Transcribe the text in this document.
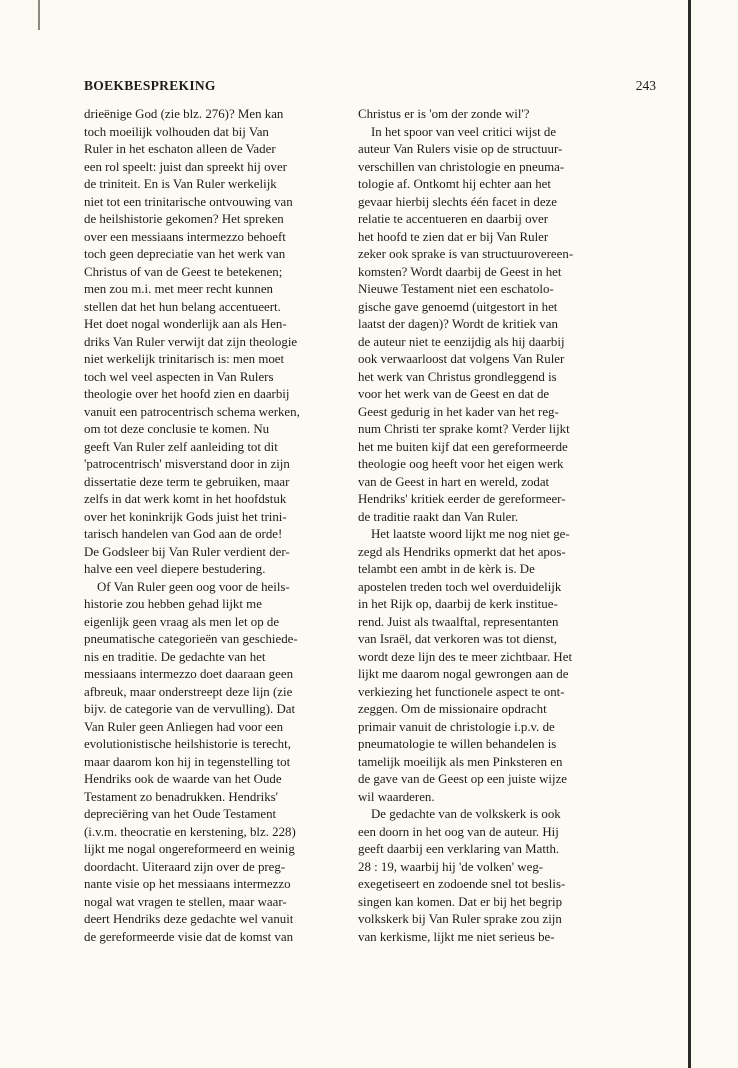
BOEKBESPREKING	243

drieënige God (zie blz. 276)? Men kan

toch moeilijk volhouden dat bij Van

Ruler in het eschaton alleen de Vader

een rol speelt: juist dan spreekt hij over

de triniteit. En is Van Ruler werkelijk

niet tot een trinitarische ontvouwing van

de heilshistorie gekomen? Het spreken

over een messiaans intermezzo behoeft

toch geen depreciatie van het werk van

Christus of van de Geest te betekenen;

men zou m.i. met meer recht kunnen

stellen dat het hun belang accentueert.

Het doet nogal wonderlijk aan als Hen-

driks Van Ruler verwijt dat zijn theologie

niet werkelijk trinitarisch is: men moet

toch wel veel aspecten in Van Rulers

theologie over het hoofd zien en daarbij

vanuit een patrocentrisch schema werken,

om tot deze conclusie te komen. Nu

geeft Van Ruler zelf aanleiding tot dit

'patrocentrisch' misverstand door in zijn

dissertatie deze term te gebruiken, maar

zelfs in dat werk komt in het hoofdstuk

over het koninkrijk Gods juist het trini-

tarisch handelen van God aan de orde!

De Godsleer bij Van Ruler verdient der-

halve een veel diepere bestudering.

Of Van Ruler geen oog voor de heils-

historie zou hebben gehad lijkt me

eigenlijk geen vraag als men let op de

pneumatische categorieën van geschiede-

nis en traditie. De gedachte van het

messiaans intermezzo doet daaraan geen

afbreuk, maar onderstreept deze lijn (zie

bijv. de categorie van de vervulling). Dat

Van Ruler geen Anliegen had voor een

evolutionistische heilshistorie is terecht,

maar daarom kon hij in tegenstelling tot

Hendriks ook de waarde van het Oude

Testament zo benadrukken. Hendriks'

depreciëring van het Oude Testament

(i.v.m. theocratie en kerstening, blz. 228)

lijkt me nogal ongereformeerd en weinig

doordacht. Uiteraard zijn over de preg-

nante visie op het messiaans intermezzo

nogal wat vragen te stellen, maar waar-

deert Hendriks deze gedachte wel vanuit

de gereformeerde visie dat de komst van

Christus er is 'om der zonde wil'?

In het spoor van veel critici wijst de

auteur Van Rulers visie op de structuur-

verschillen van christologie en pneuma-

tologie af. Ontkomt hij echter aan het

gevaar hierbij slechts één facet in deze

relatie te accentueren en daarbij over

het hoofd te zien dat er bij Van Ruler

zeker ook sprake is van structuurovereen-

komsten? Wordt daarbij de Geest in het

Nieuwe Testament niet een eschatolo-

gische gave genoemd (uitgestort in het

laatst der dagen)? Wordt de kritiek van

de auteur niet te eenzijdig als hij daarbij

ook verwaarloost dat volgens Van Ruler

het werk van Christus grondleggend is

voor het werk van de Geest en dat de

Geest gedurig in het kader van het reg-

num Christi ter sprake komt? Verder lijkt

het me buiten kijf dat een gereformeerde

theologie oog heeft voor het eigen werk

van de Geest in hart en wereld, zodat

Hendriks' kritiek eerder de gereformeer-

de traditie raakt dan Van Ruler.

Het laatste woord lijkt me nog niet ge-

zegd als Hendriks opmerkt dat het apos-

telambt een ambt in de kèrk is. De

apostelen treden toch wel overduidelijk

in het Rijk op, daarbij de kerk institue-

rend. Juist als twaalftal, representanten

van Israël, dat verkoren was tot dienst,

wordt deze lijn des te meer zichtbaar. Het

lijkt me daarom nogal gewrongen aan de

verkiezing het functionele aspect te ont-

zeggen. Om de missionaire opdracht

primair vanuit de christologie i.p.v. de

pneumatologie te willen behandelen is

tamelijk moeilijk als men Pinksteren en

de gave van de Geest op een juiste wijze

wil waarderen.

De gedachte van de volkskerk is ook

een doorn in het oog van de auteur. Hij

geeft daarbij een verklaring van Matth.

28 : 19, waarbij hij 'de volken' weg-

exegetiseert en zodoende snel tot beslis-

singen kan komen. Dat er bij het begrip

volkskerk bij Van Ruler sprake zou zijn

van kerkisme, lijkt me niet serieus be-
